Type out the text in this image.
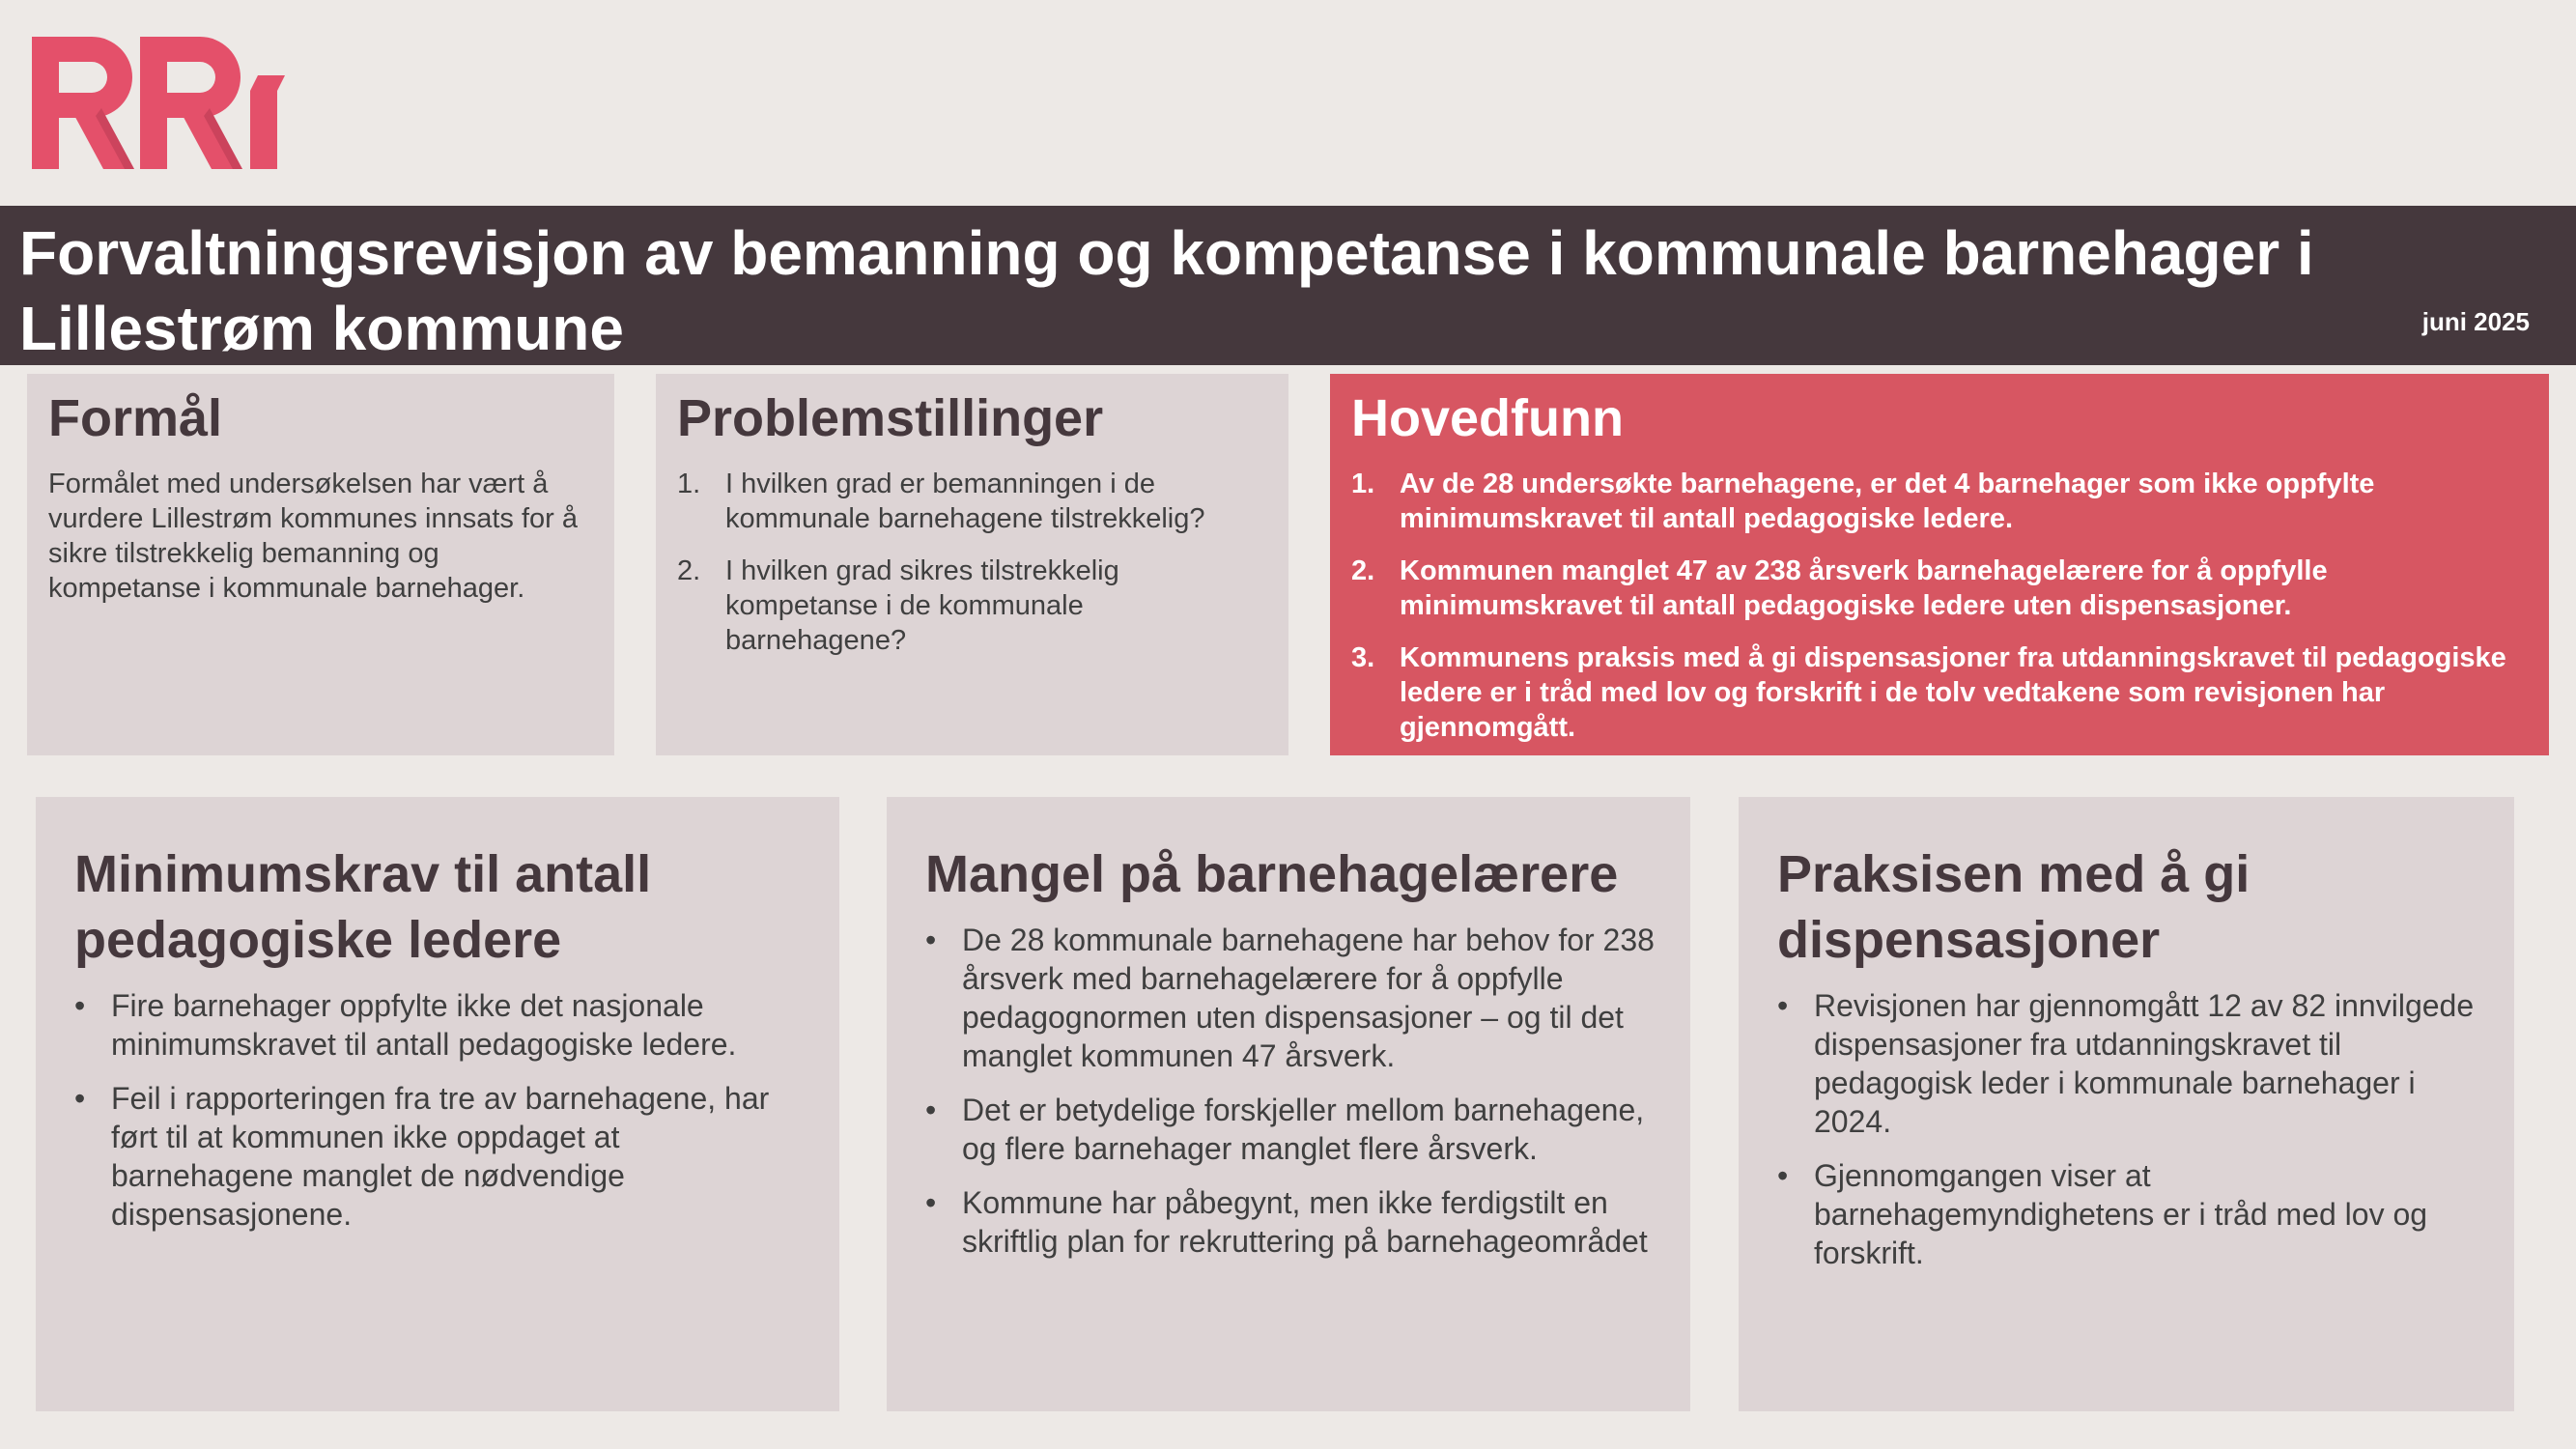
Forvaltningsrevisjon av bemanning og kompetanse i kommunale barnehager i Lillestrøm kommune	juni 2025
Formål
Formålet med undersøkelsen har vært å vurdere Lillestrøm kommunes innsats for å sikre tilstrekkelig bemanning og kompetanse i kommunale barnehager.
Problemstillinger
1. I hvilken grad er bemanningen i de kommunale barnehagene tilstrekkelig?
2. I hvilken grad sikres tilstrekkelig kompetanse i de kommunale barnehagene?
Hovedfunn
1. Av de 28 undersøkte barnehagene, er det 4 barnehager som ikke oppfylte minimumskravet til antall pedagogiske ledere.
2. Kommunen manglet 47 av 238 årsverk barnehagelærere for å oppfylle minimumskravet til antall pedagogiske ledere uten dispensasjoner.
3. Kommunens praksis med å gi dispensasjoner fra utdanningskravet til pedagogiske ledere er i tråd med lov og forskrift i de tolv vedtakene som revisjonen har gjennomgått.
Minimumskrav til antall pedagogiske ledere
• Fire barnehager oppfylte ikke det nasjonale minimumskravet til antall pedagogiske ledere.
• Feil i rapporteringen fra tre av barnehagene, har ført til at kommunen ikke oppdaget at barnehagene manglet de nødvendige dispensasjonene.
Mangel på barnehagelærere
• De 28 kommunale barnehagene har behov for 238 årsverk med barnehagelærere for å oppfylle pedagognormen uten dispensasjoner – og til det manglet kommunen 47 årsverk.
• Det er betydelige forskjeller mellom barnehagene, og flere barnehager manglet flere årsverk.
• Kommune har påbegynt, men ikke ferdigstilt en skriftlig plan for rekruttering på barnehageområdet
Praksisen med å gi dispensasjoner
• Revisjonen har gjennomgått 12 av 82 innvilgede dispensasjoner fra utdanningskravet til pedagogisk leder i kommunale barnehager i 2024.
• Gjennomgangen viser at barnehagemyndighetens er i tråd med lov og forskrift.
